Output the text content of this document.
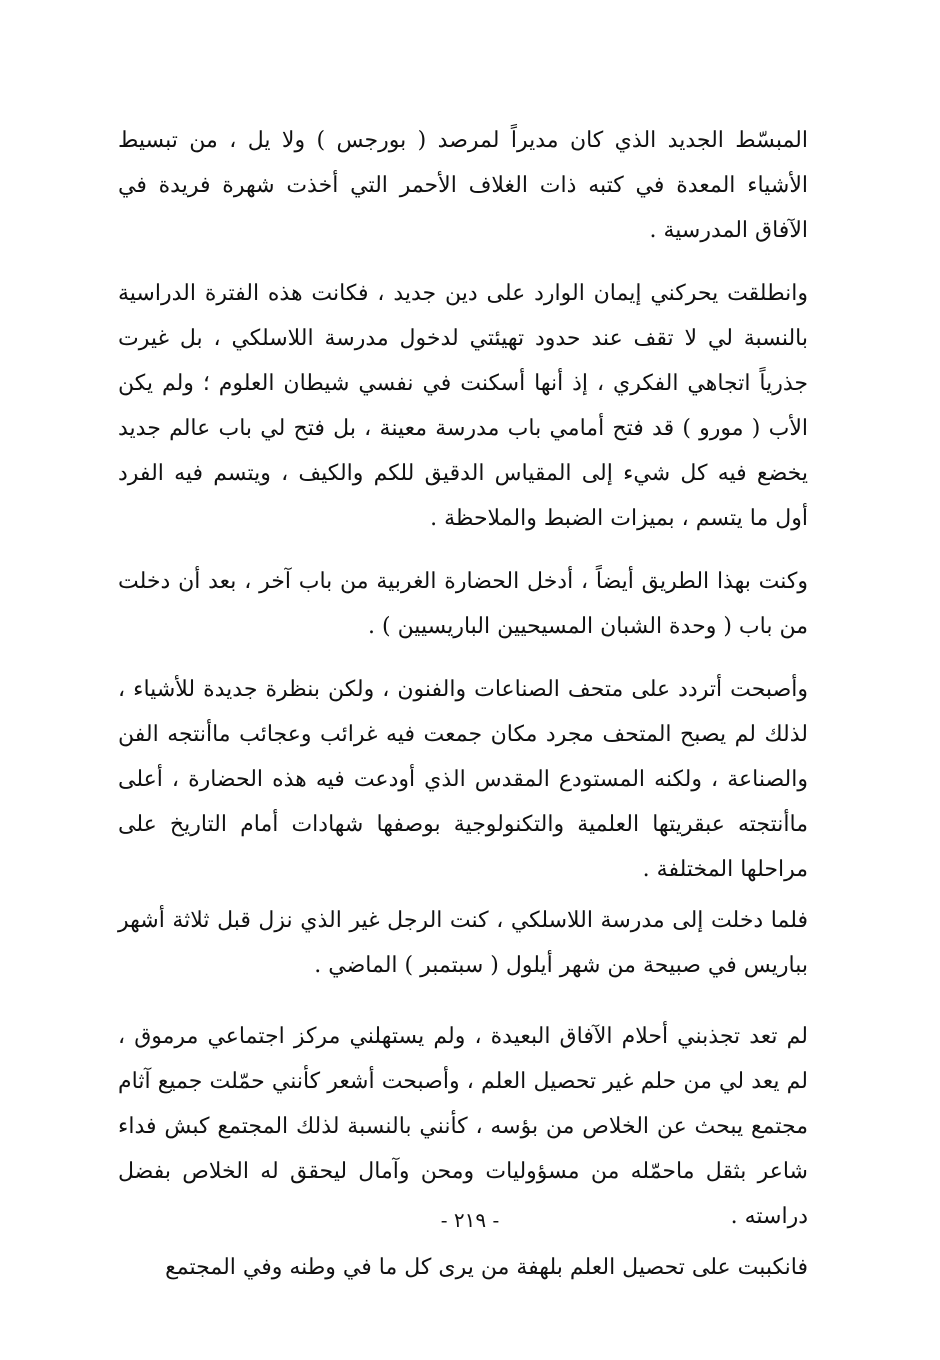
المبسّط الجديد الذي كان مديراً لمرصد ( بورجس ) ولا يل ، من تبسيط الأشياء المعدة في كتبه ذات الغلاف الأحمر التي أخذت شهرة فريدة في الآفاق المدرسية .

وانطلقت يحركني إيمان الوارد على دين جديد ، فكانت هذه الفترة الدراسية بالنسبة لي لا تقف عند حدود تهيئتي لدخول مدرسة اللاسلكي ، بل غيرت جذرياً اتجاهي الفكري ، إذ أنها أسكنت في نفسي شيطان العلوم ؛ ولم يكن الأب ( مورو ) قد فتح أمامي باب مدرسة معينة ، بل فتح لي باب عالم جديد يخضع فيه كل شيء إلى المقياس الدقيق للكم والكيف ، ويتسم فيه الفرد أول ما يتسم ، بميزات الضبط والملاحظة .

وكنت بهذا الطريق أيضاً ، أدخل الحضارة الغربية من باب آخر ، بعد أن دخلت من باب ( وحدة الشبان المسيحيين الباريسيين ) .

وأصبحت أتردد على متحف الصناعات والفنون ، ولكن بنظرة جديدة للأشياء ، لذلك لم يصبح المتحف مجرد مكان جمعت فيه غرائب وعجائب ماأنتجه الفن والصناعة ، ولكنه المستودع المقدس الذي أودعت فيه هذه الحضارة ، أعلى ماأنتجته عبقريتها العلمية والتكنولوجية بوصفها شهادات أمام التاريخ على مراحلها المختلفة .

فلما دخلت إلى مدرسة اللاسلكي ، كنت الرجل غير الذي نزل قبل ثلاثة أشهر بباريس في صبيحة من شهر أيلول ( سبتمبر ) الماضي .

لم تعد تجذبني أحلام الآفاق البعيدة ، ولم يستهلني مركز اجتماعي مرموق ، لم يعد لي من حلم غير تحصيل العلم ، وأصبحت أشعر كأنني حمّلت جميع آثام مجتمع يبحث عن الخلاص من بؤسه ، كأنني بالنسبة لذلك المجتمع كبش فداء شاعر بثقل ماحمّله من مسؤوليات ومحن وآمال ليحقق له الخلاص بفضل دراسته .

فانكببت على تحصيل العلم بلهفة من يرى كل ما في وطنه وفي المجتمع

- ٢١٩ -
